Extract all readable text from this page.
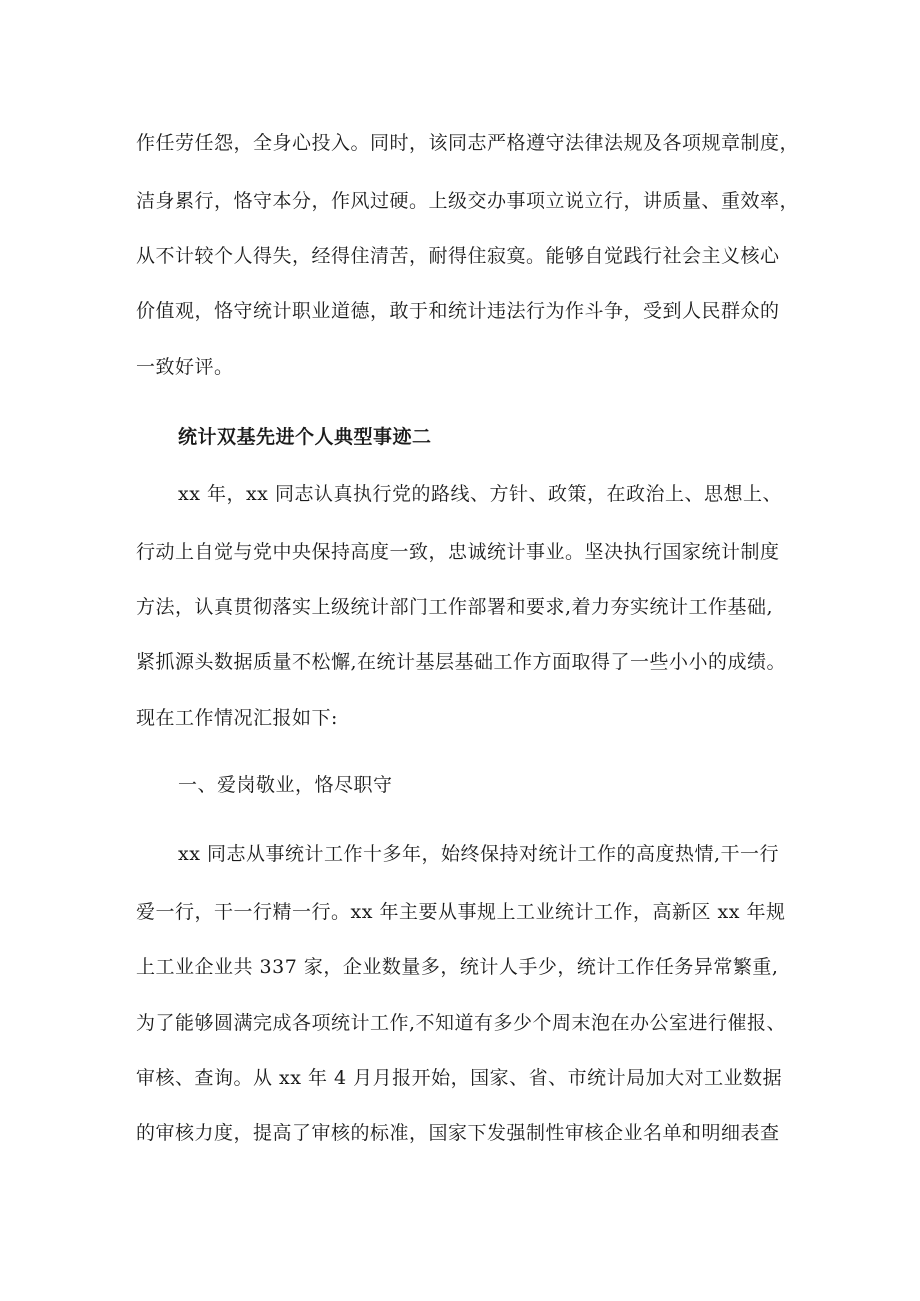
作任劳任怨，全身心投入。同时，该同志严格遵守法律法规及各项规章制度，
洁身累行，恪守本分，作风过硬。上级交办事项立说立行，讲质量、重效率，
从不计较个人得失，经得住清苦，耐得住寂寞。能够自觉践行社会主义核心
价值观，恪守统计职业道德，敢于和统计违法行为作斗争，受到人民群众的
一致好评。
统计双基先进个人典型事迹二
xx 年，xx 同志认真执行党的路线、方针、政策，在政治上、思想上、
行动上自觉与党中央保持高度一致，忠诚统计事业。坚决执行国家统计制度
方法，认真贯彻落实上级统计部门工作部署和要求,着力夯实统计工作基础,
紧抓源头数据质量不松懈,在统计基层基础工作方面取得了一些小小的成绩。
现在工作情况汇报如下:
一、爱岗敬业，恪尽职守
xx 同志从事统计工作十多年，始终保持对统计工作的高度热情,干一行
爱一行，干一行精一行。xx 年主要从事规上工业统计工作，高新区 xx 年规
上工业企业共 337 家，企业数量多，统计人手少，统计工作任务异常繁重,
为了能够圆满完成各项统计工作,不知道有多少个周末泡在办公室进行催报、
审核、查询。从 xx 年 4 月月报开始，国家、省、市统计局加大对工业数据
的审核力度，提高了审核的标准，国家下发强制性审核企业名单和明细表查
